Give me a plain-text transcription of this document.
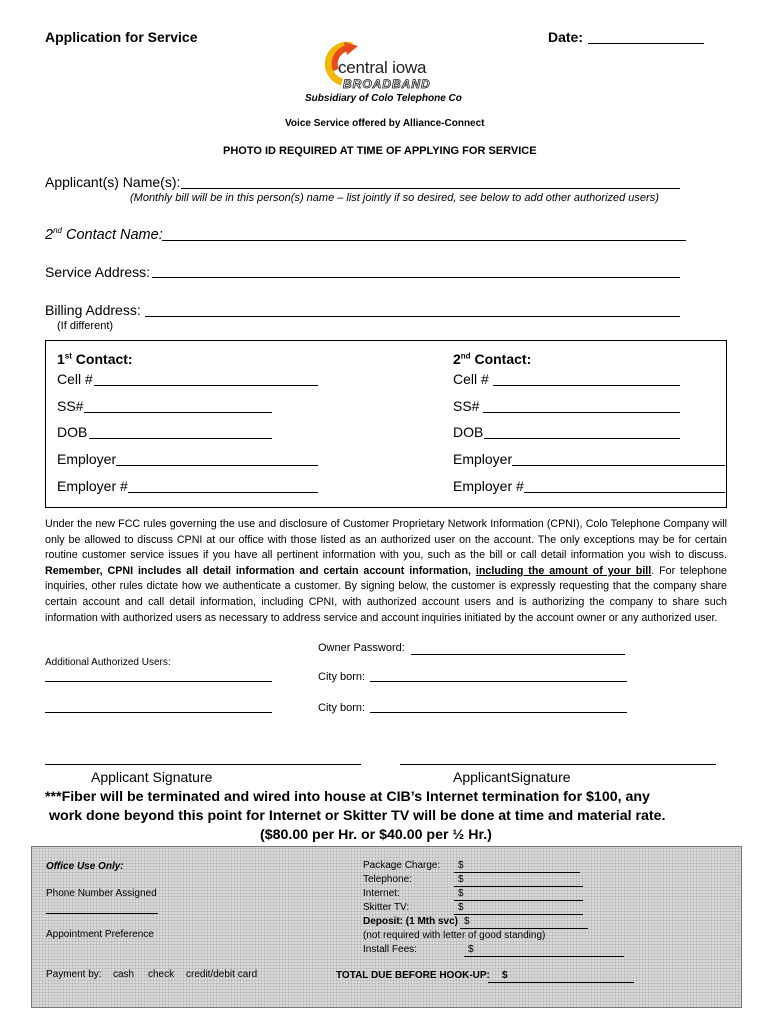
Application for Service	Date:
central iowa
BROADBAND
Subsidiary of Colo Telephone Co
Voice Service offered by Alliance-Connect
PHOTO ID REQUIRED AT TIME OF APPLYING FOR SERVICE
Applicant(s) Name(s):
(Monthly bill will be in this person(s) name – list jointly if so desired, see below to add other authorized users)
2nd Contact Name:
Service Address:
Billing Address:
(If different)
1st Contact:
Cell #
SS#
DOB
Employer
Employer #
2nd Contact:
Cell #
SS#
DOB
Employer
Employer #
Under the new FCC rules governing the use and disclosure of Customer Proprietary Network Information (CPNI), Colo Telephone Company will only be allowed to discuss CPNI at our office with those listed as an authorized user on the account. The only exceptions may be for certain routine customer service issues if you have all pertinent information with you, such as the bill or call detail information you wish to discuss. Remember, CPNI includes all detail information and certain account information, including the amount of your bill. For telephone inquiries, other rules dictate how we authenticate a customer. By signing below, the customer is expressly requesting that the company share certain account and call detail information, including CPNI, with authorized account users and is authorizing the company to share such information with authorized users as necessary to address service and account inquiries initiated by the account owner or any authorized user.
Owner Password:
Additional Authorized Users:
City born:
City born:
Applicant Signature	ApplicantSignature
***Fiber will be terminated and wired into house at CIB’s Internet termination for $100, any
work done beyond this point for Internet or Skitter TV will be done at time and material rate.
($80.00 per Hr. or $40.00 per ½ Hr.)
Office Use Only:
Phone Number Assigned
Appointment Preference
Payment by: cash check credit/debit card
Package Charge: $
Telephone:	$
Internet:	$
Skitter TV:	$
Deposit: (1 Mth svc) $
(not required with letter of good standing)
Install Fees:	$
TOTAL DUE BEFORE HOOK-UP: $
